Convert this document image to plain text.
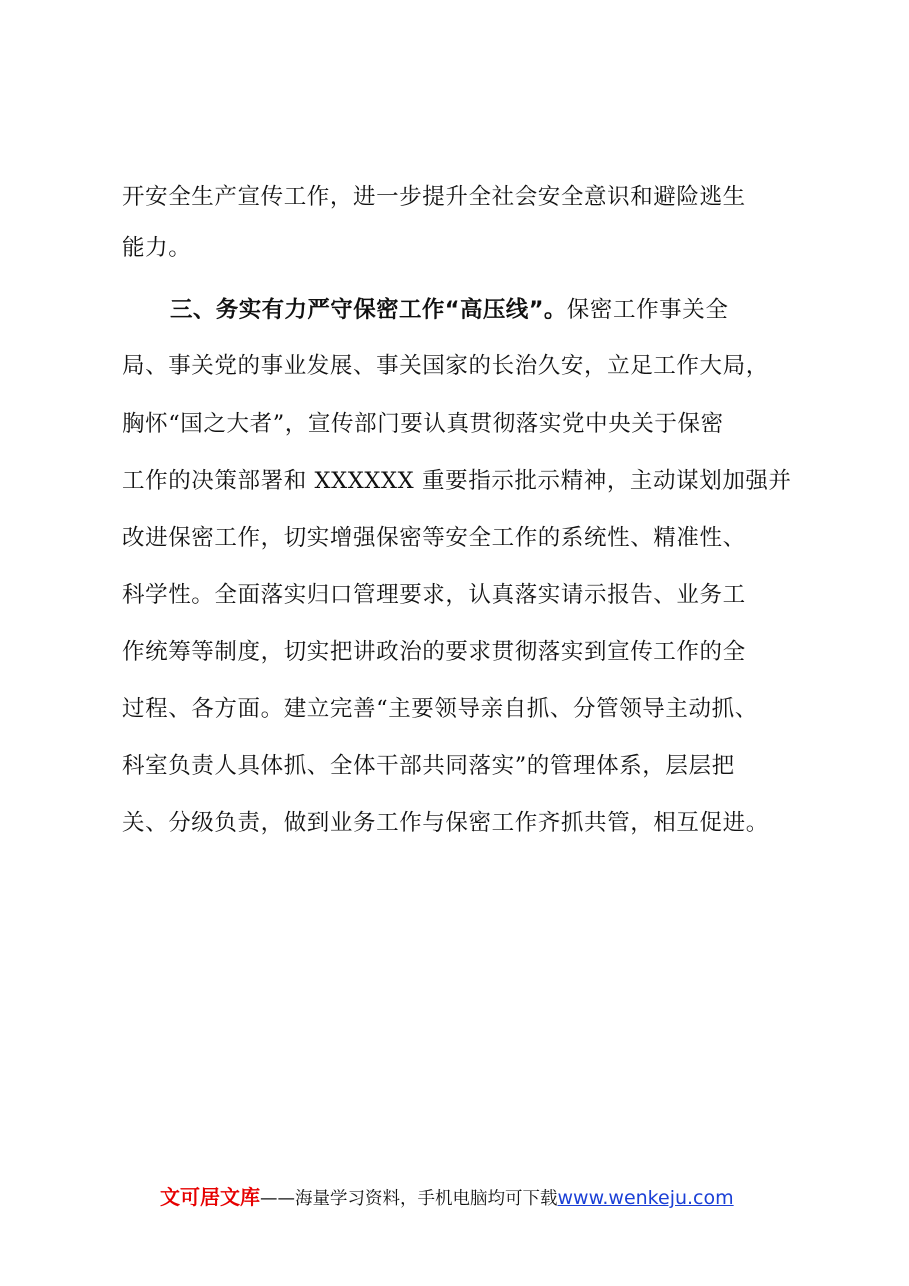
开安全生产宣传工作，进一步提升全社会安全意识和避险逃生
能力。
三、务实有力严守保密工作“高压线”。保密工作事关全
局、事关党的事业发展、事关国家的长治久安，立足工作大局，
胸怀“国之大者”，宣传部门要认真贯彻落实党中央关于保密
工作的决策部署和 XXXXXX 重要指示批示精神，主动谋划加强并
改进保密工作，切实增强保密等安全工作的系统性、精准性、
科学性。全面落实归口管理要求，认真落实请示报告、业务工
作统筹等制度，切实把讲政治的要求贯彻落实到宣传工作的全
过程、各方面。建立完善“主要领导亲自抓、分管领导主动抓、
科室负责人具体抓、全体干部共同落实”的管理体系，层层把
关、分级负责，做到业务工作与保密工作齐抓共管，相互促进。
文可居文库——海量学习资料，手机电脑均可下载www.wenkeju.com
